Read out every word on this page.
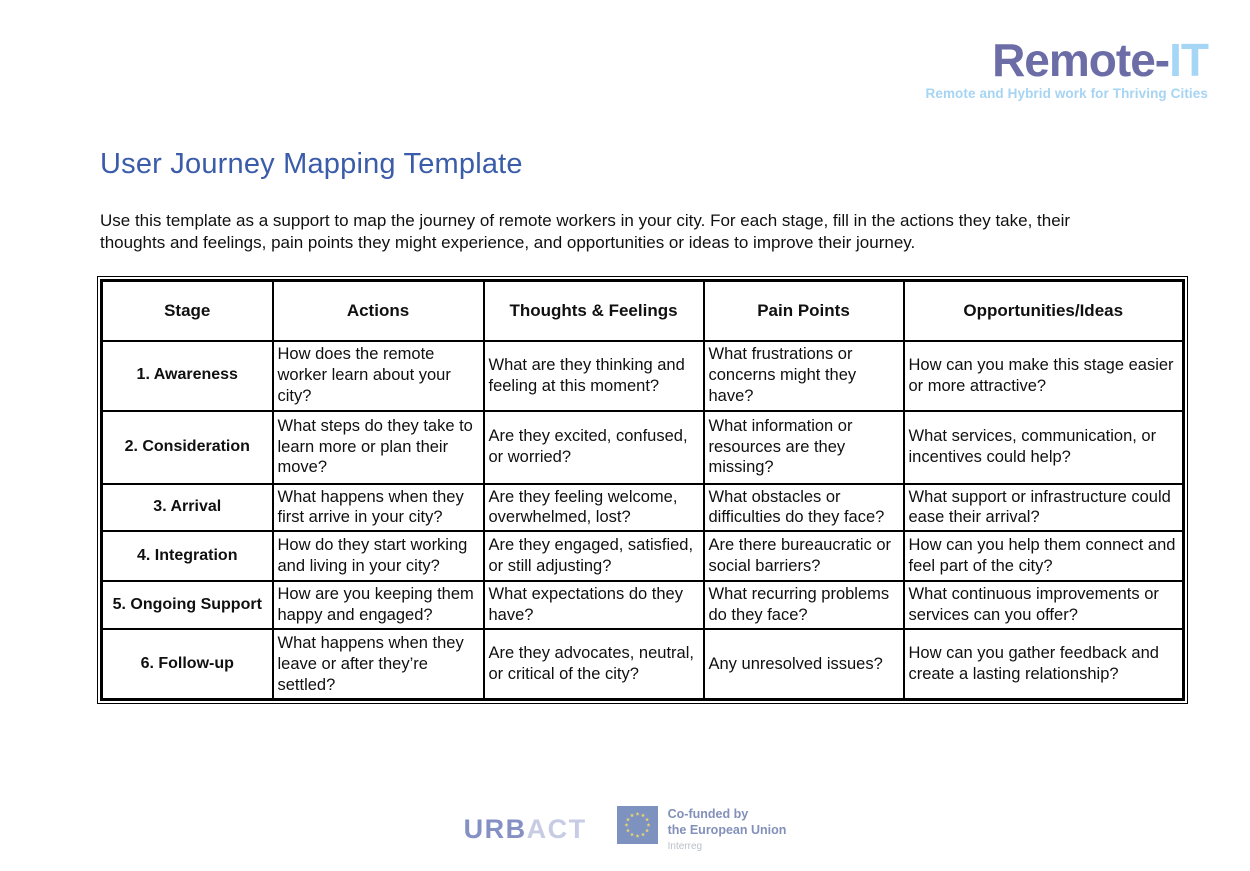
Remote-IT
Remote and Hybrid work for Thriving Cities
User Journey Mapping Template

Use this template as a support to map the journey of remote workers in your city. For each stage, fill in the actions they take, their thoughts and feelings, pain points they might experience, and opportunities or ideas to improve their journey.

Stage	Actions	Thoughts & Feelings	Pain Points	Opportunities/Ideas
1. Awareness	How does the remote worker learn about your city?	What are they thinking and feeling at this moment?	What frustrations or concerns might they have?	How can you make this stage easier or more attractive?
2. Consideration	What steps do they take to learn more or plan their move?	Are they excited, confused, or worried?	What information or resources are they missing?	What services, communication, or incentives could help?
3. Arrival	What happens when they first arrive in your city?	Are they feeling welcome, overwhelmed, lost?	What obstacles or difficulties do they face?	What support or infrastructure could ease their arrival?
4. Integration	How do they start working and living in your city?	Are they engaged, satisfied, or still adjusting?	Are there bureaucratic or social barriers?	How can you help them connect and feel part of the city?
5. Ongoing Support	How are you keeping them happy and engaged?	What expectations do they have?	What recurring problems do they face?	What continuous improvements or services can you offer?
6. Follow-up	What happens when they leave or after they’re settled?	Are they advocates, neutral, or critical of the city?	Any unresolved issues?	How can you gather feedback and create a lasting relationship?
URBACT	Co-funded by
the European Union
Interreg
